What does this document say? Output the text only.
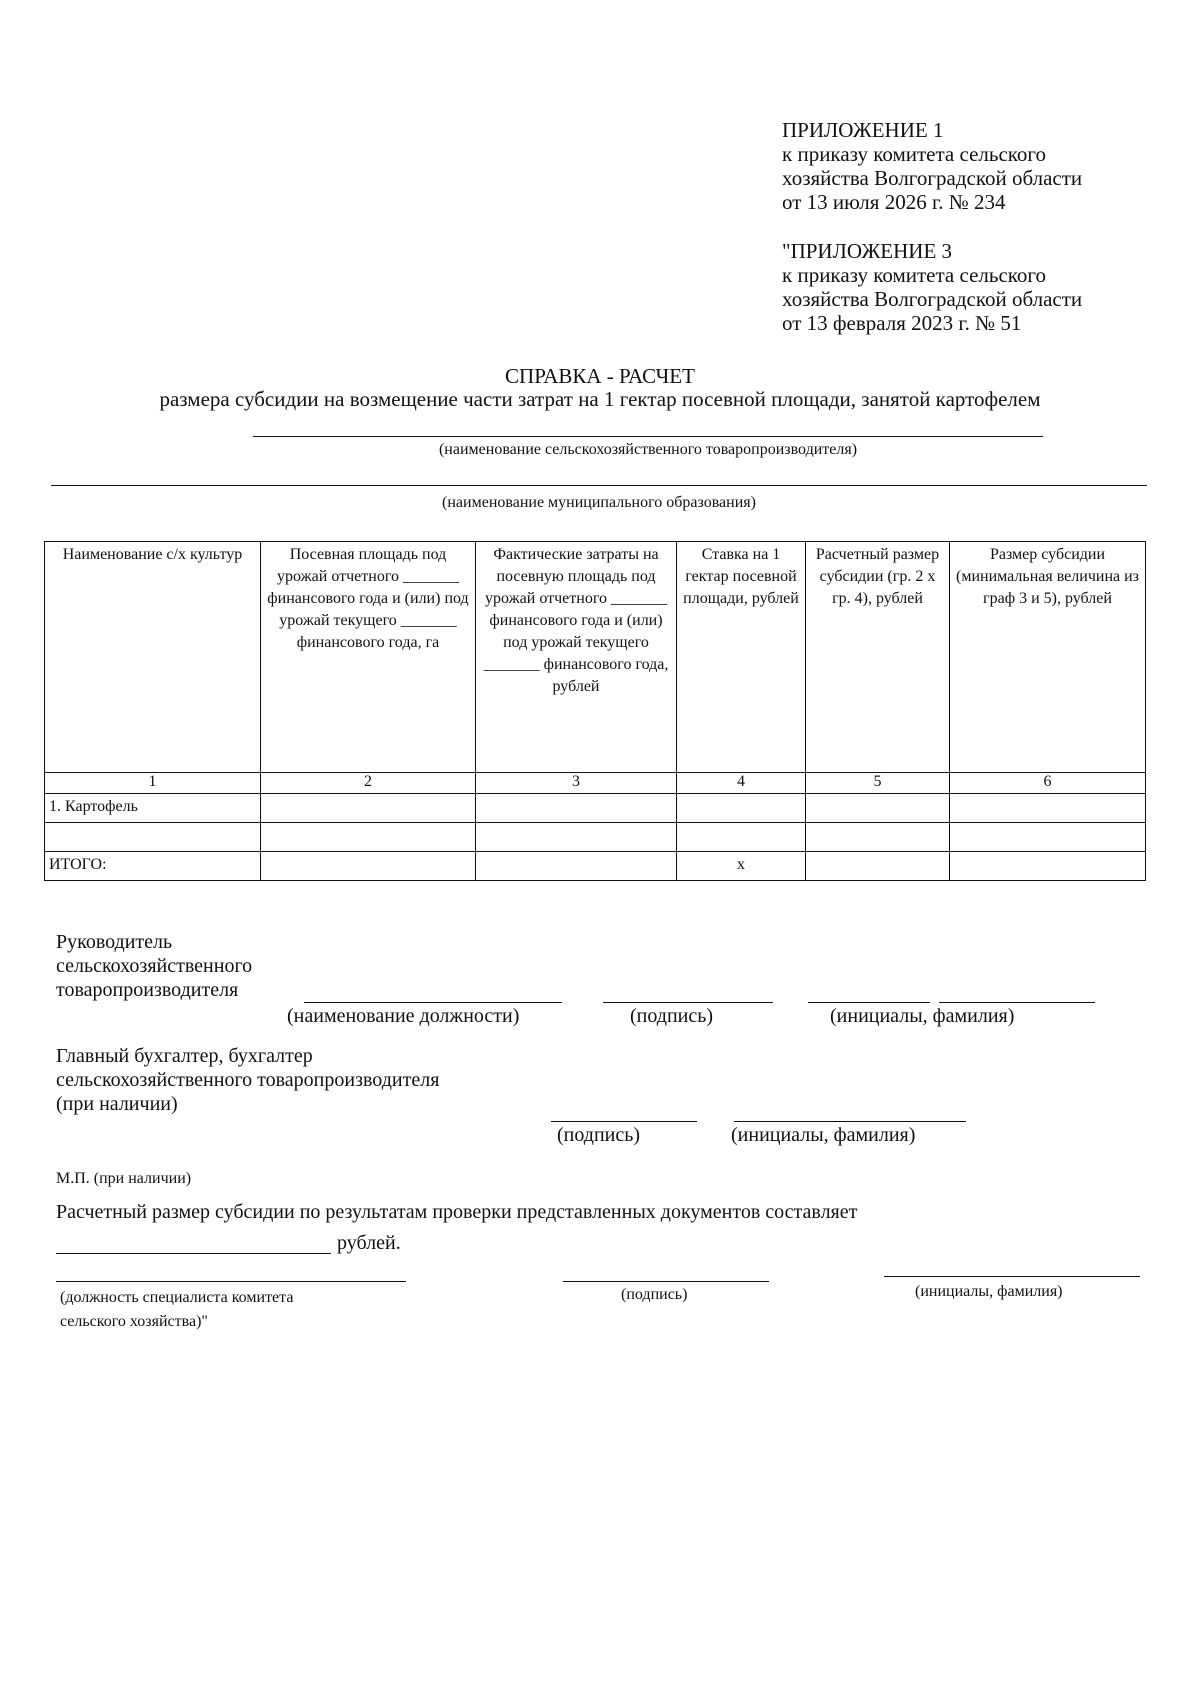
ПРИЛОЖЕНИЕ 1
к приказу комитета сельского
хозяйства Волгоградской области
от 13 июля 2026 г. № 234
"ПРИЛОЖЕНИЕ 3
к приказу комитета сельского
хозяйства Волгоградской области
от 13 февраля 2023 г. № 51
СПРАВКА - РАСЧЕТ
размера субсидии на возмещение части затрат на 1 гектар посевной площади, занятой картофелем
(наименование сельскохозяйственного товаропроизводителя)
(наименование муниципального образования)
Наименование с/х культур	Посевная площадь под урожай отчетного _______ финансового года и (или) под урожай текущего _______ финансового года, га	Фактические затраты на посевную площадь под урожай отчетного _______ финансового года и (или) под урожай текущего _______ финансового года, рублей	Ставка на 1 гектар посевной площади, рублей	Расчетный размер субсидии (гр. 2 х гр. 4), рублей	Размер субсидии (минимальная величина из граф 3 и 5), рублей
1	2	3	4	5	6
1. Картофель					

ИТОГО:			х		
Руководитель
сельскохозяйственного
товаропроизводителя
(наименование должности)	(подпись)	(инициалы, фамилия)
Главный бухгалтер, бухгалтер
сельскохозяйственного товаропроизводителя
(при наличии)
(подпись)	(инициалы, фамилия)
М.П. (при наличии)
Расчетный размер субсидии по результатам проверки представленных документов составляет
рублей.
(должность специалиста комитета
сельского хозяйства)"
(подпись)	(инициалы, фамилия)
